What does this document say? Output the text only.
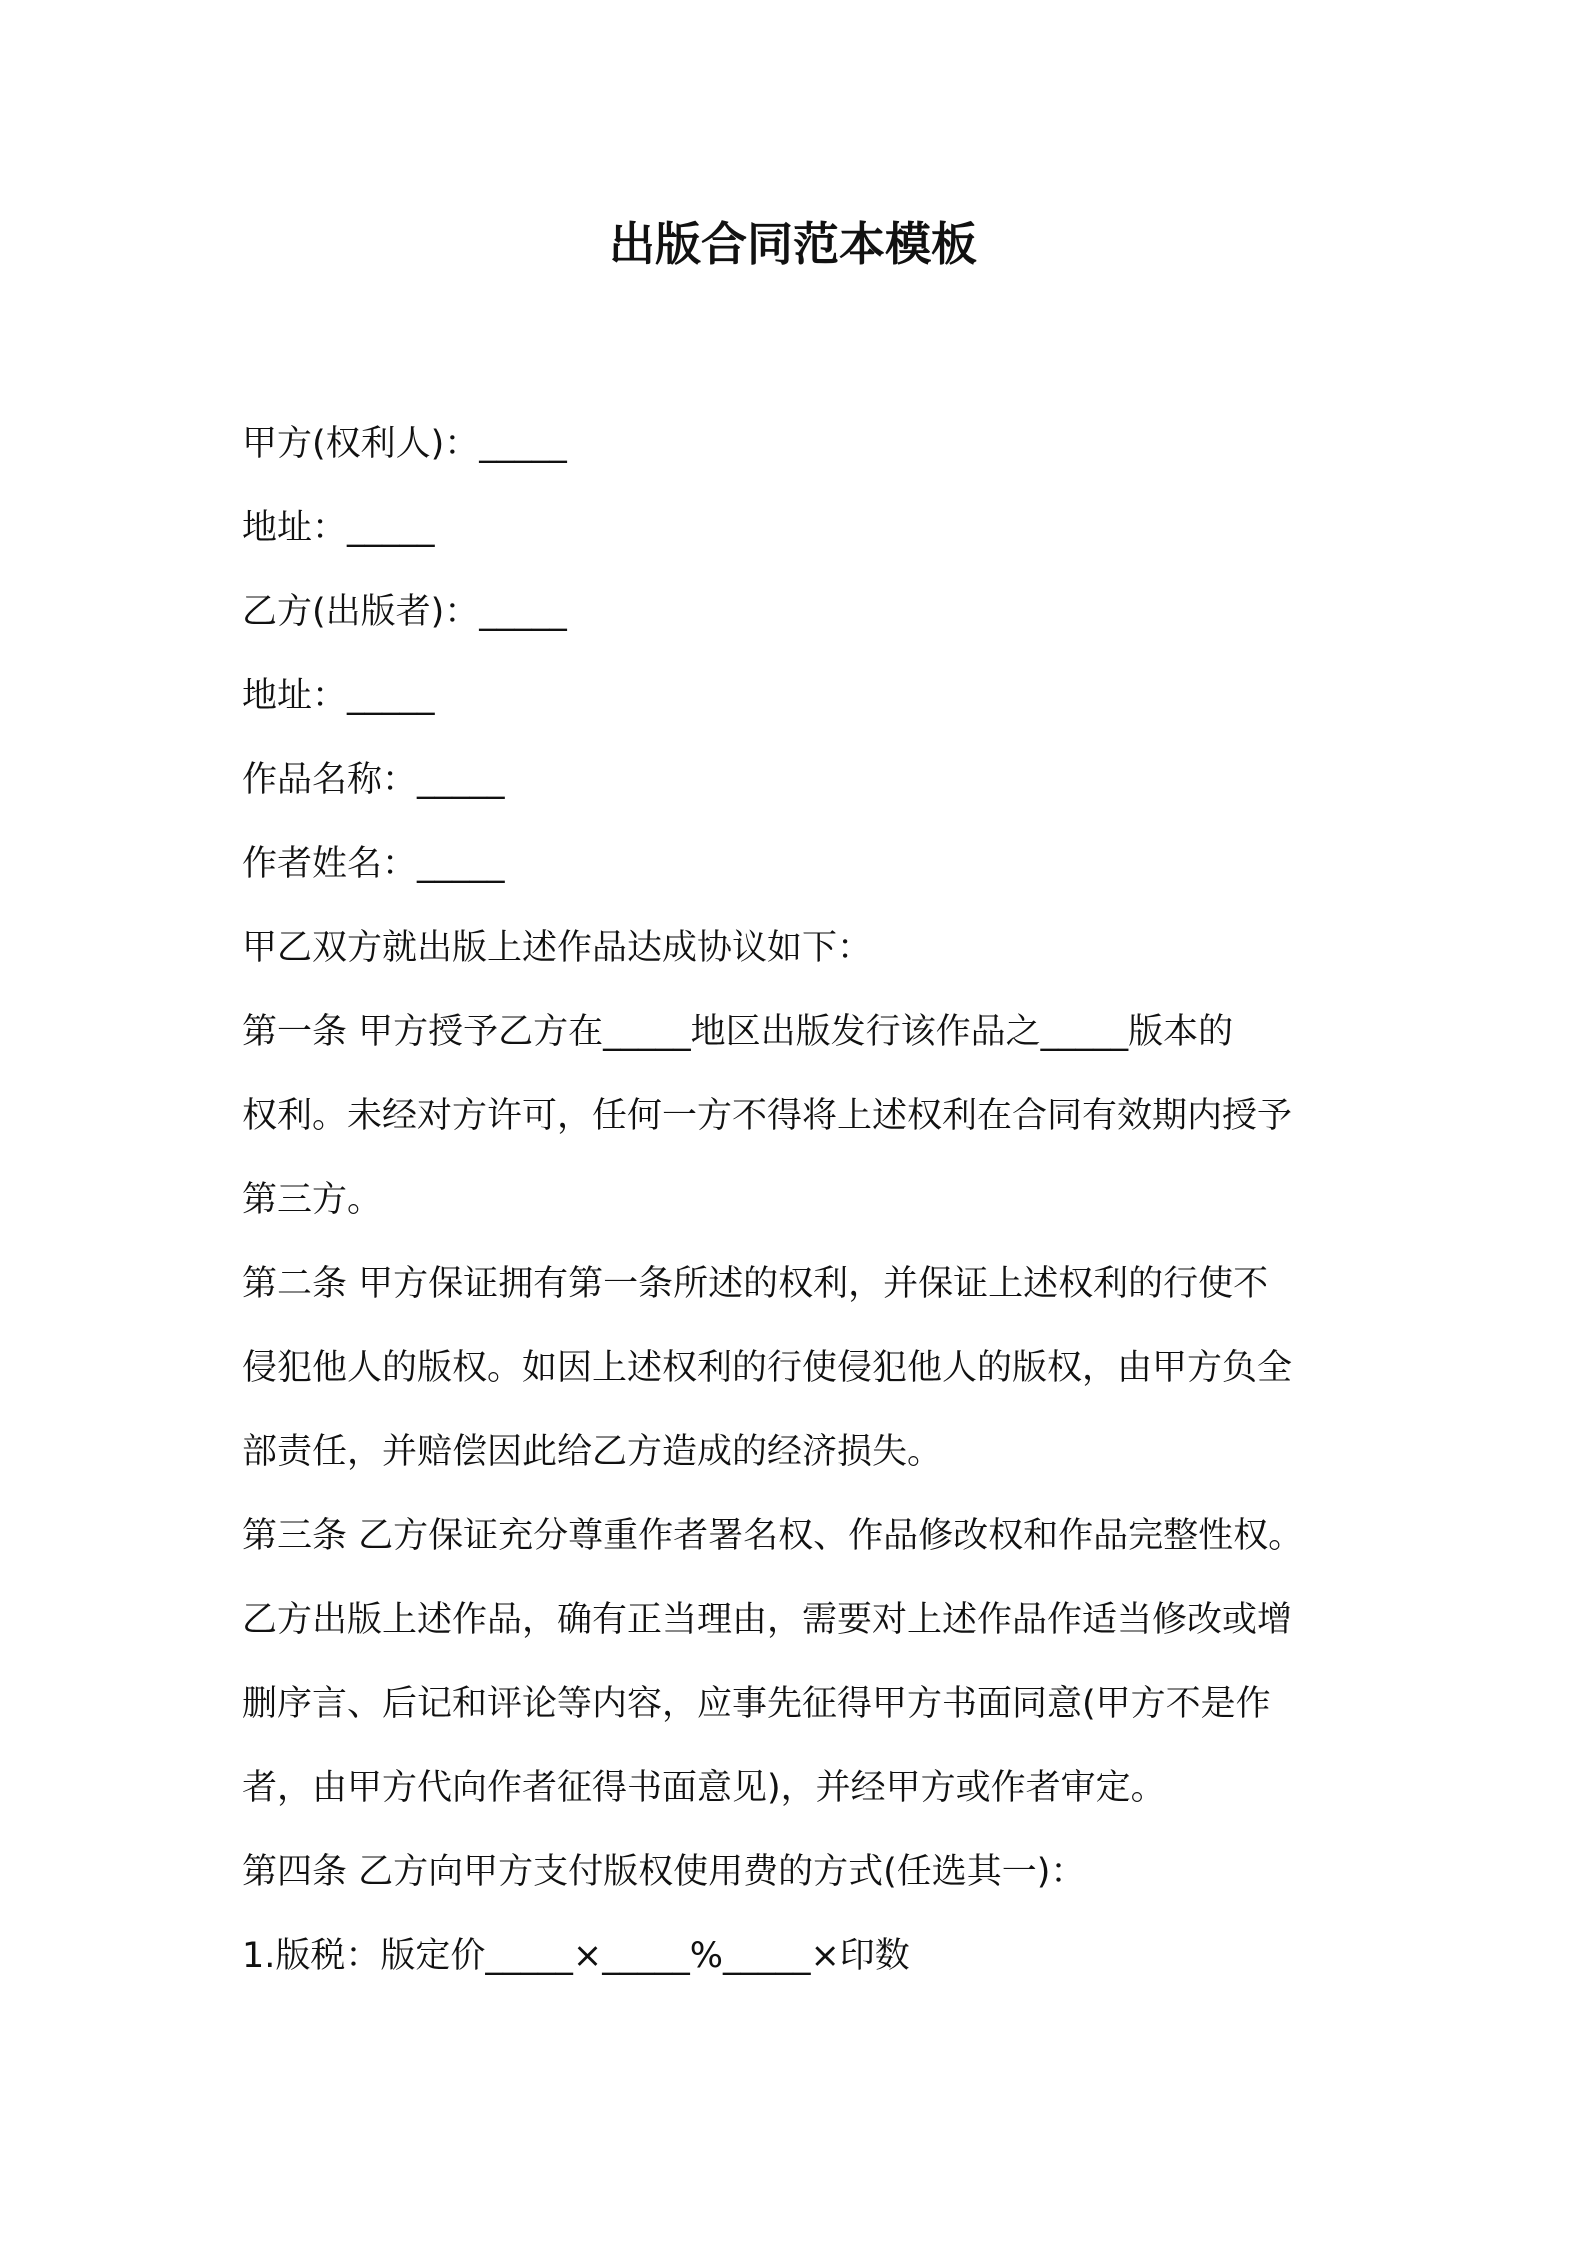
出版合同范本模板
甲方(权利人)：_____
地址：_____
乙方(出版者)：_____
地址：_____
作品名称：_____
作者姓名：_____
甲乙双方就出版上述作品达成协议如下：
第一条 甲方授予乙方在_____地区出版发行该作品之_____版本的
权利。未经对方许可，任何一方不得将上述权利在合同有效期内授予
第三方。
第二条 甲方保证拥有第一条所述的权利，并保证上述权利的行使不
侵犯他人的版权。如因上述权利的行使侵犯他人的版权，由甲方负全
部责任，并赔偿因此给乙方造成的经济损失。
第三条 乙方保证充分尊重作者署名权、作品修改权和作品完整性权。
乙方出版上述作品，确有正当理由，需要对上述作品作适当修改或增
删序言、后记和评论等内容，应事先征得甲方书面同意(甲方不是作
者，由甲方代向作者征得书面意见)，并经甲方或作者审定。
第四条 乙方向甲方支付版权使用费的方式(任选其一)：
1.版税：版定价_____×_____%_____×印数
